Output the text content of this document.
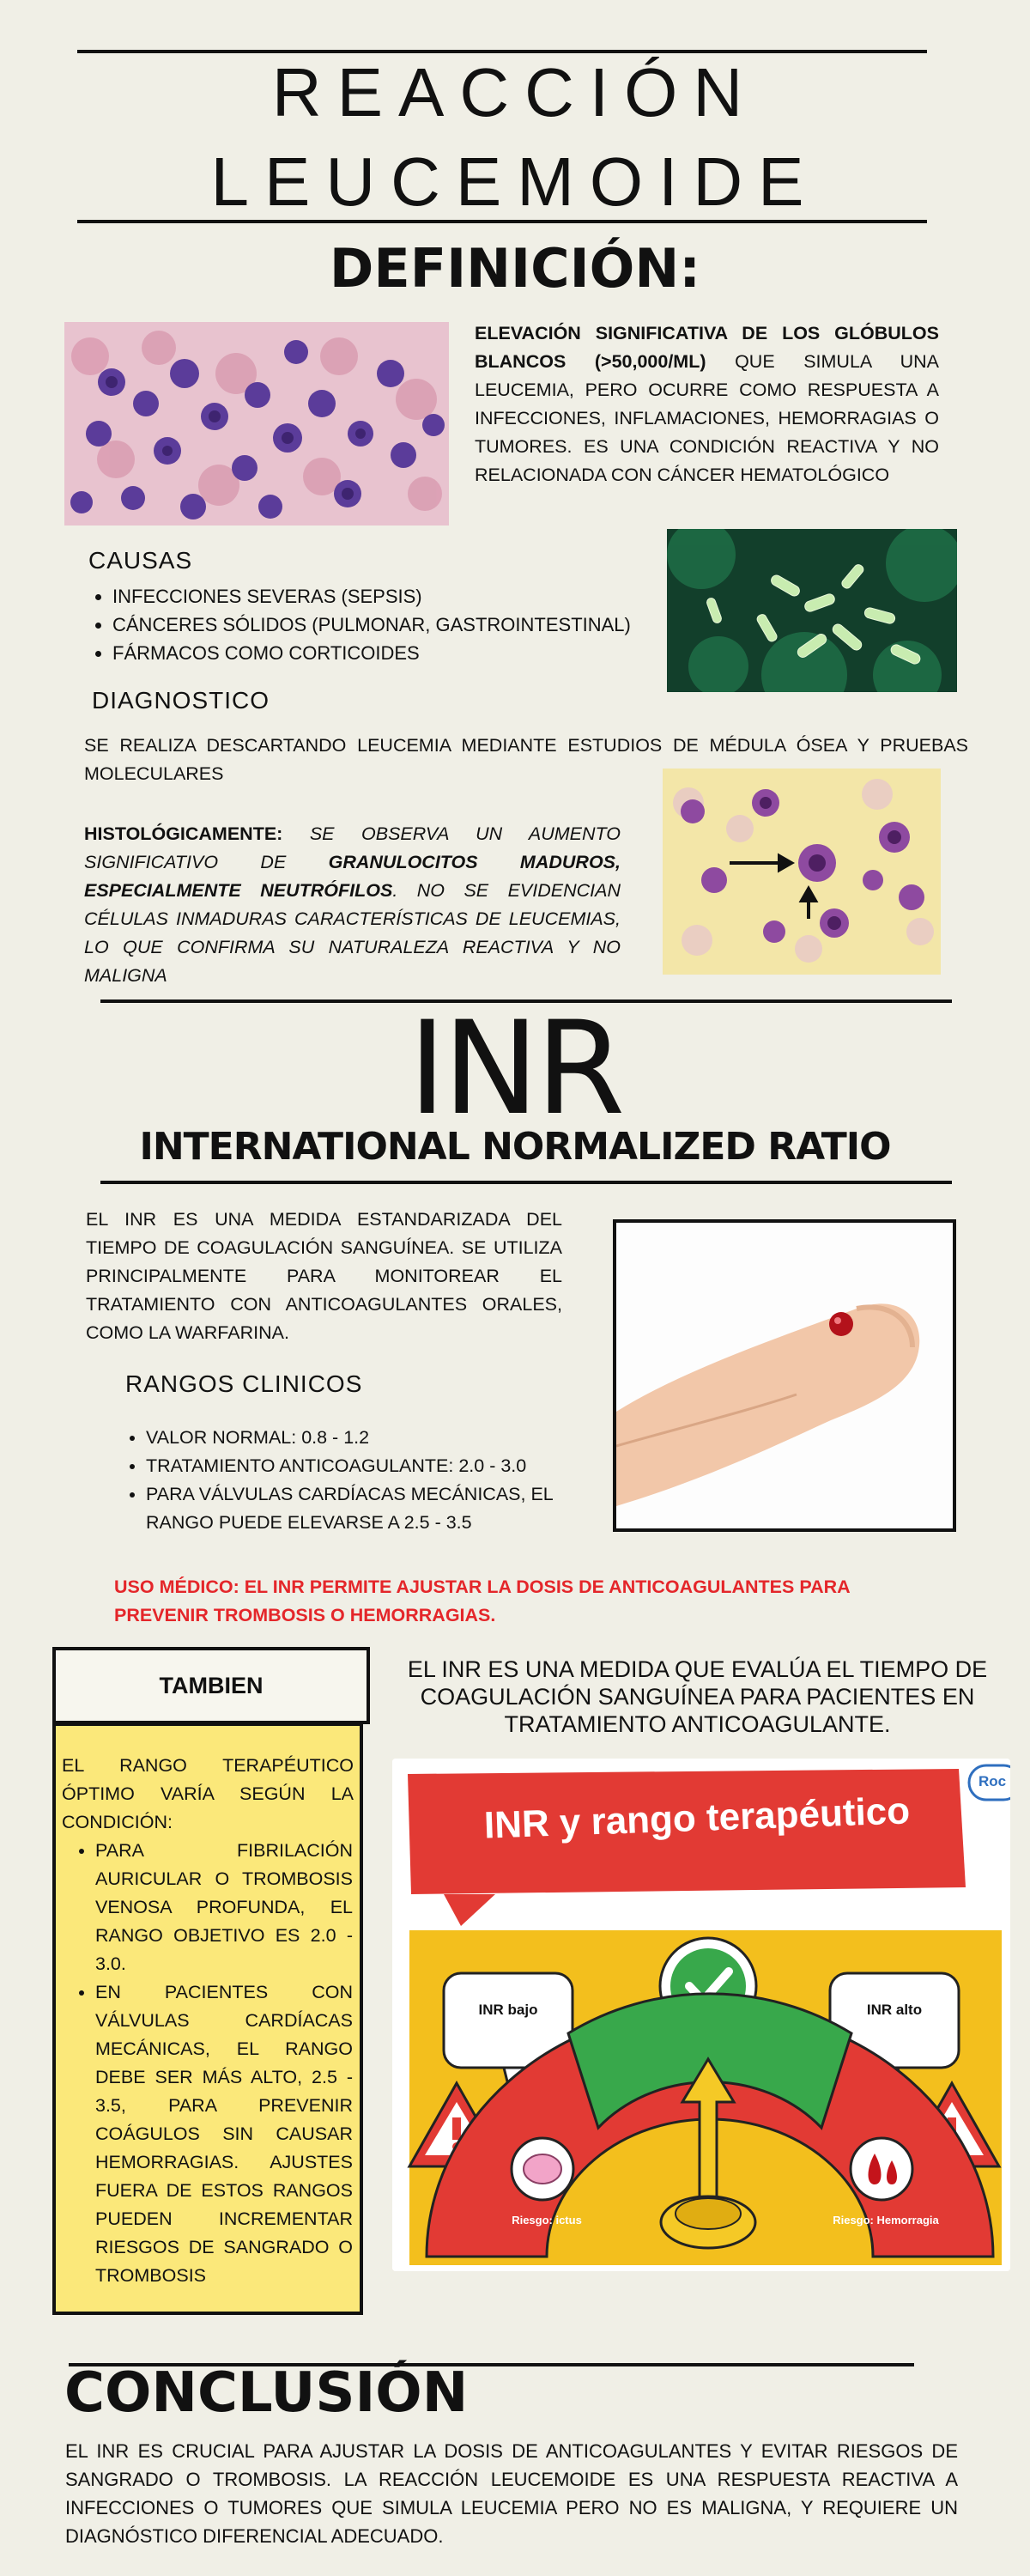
REACCIÓN
LEUCEMOIDE
DEFINICIÓN:
ELEVACIÓN SIGNIFICATIVA DE LOS GLÓBULOS BLANCOS (>50,000/ML) QUE SIMULA UNA LEUCEMIA, PERO OCURRE COMO RESPUESTA A INFECCIONES, INFLAMACIONES, HEMORRAGIAS O TUMORES. ES UNA CONDICIÓN REACTIVA Y NO RELACIONADA CON CÁNCER HEMATOLÓGICO
CAUSAS
• INFECCIONES SEVERAS (SEPSIS)
• CÁNCERES SÓLIDOS (PULMONAR, GASTROINTESTINAL)
• FÁRMACOS COMO CORTICOIDES
DIAGNOSTICO
SE REALIZA DESCARTANDO LEUCEMIA MEDIANTE ESTUDIOS DE MÉDULA ÓSEA Y PRUEBAS MOLECULARES
HISTOLÓGICAMENTE: SE OBSERVA UN AUMENTO SIGNIFICATIVO DE GRANULOCITOS MADUROS, ESPECIALMENTE NEUTRÓFILOS. NO SE EVIDENCIAN CÉLULAS INMADURAS CARACTERÍSTICAS DE LEUCEMIAS, LO QUE CONFIRMA SU NATURALEZA REACTIVA Y NO MALIGNA
INR
INTERNATIONAL NORMALIZED RATIO
EL INR ES UNA MEDIDA ESTANDARIZADA DEL TIEMPO DE COAGULACIÓN SANGUÍNEA. SE UTILIZA PRINCIPALMENTE PARA MONITOREAR EL TRATAMIENTO CON ANTICOAGULANTES ORALES, COMO LA WARFARINA.
RANGOS CLINICOS
• VALOR NORMAL: 0.8 - 1.2
• TRATAMIENTO ANTICOAGULANTE: 2.0 - 3.0
• PARA VÁLVULAS CARDÍACAS MECÁNICAS, EL RANGO PUEDE ELEVARSE A 2.5 - 3.5
USO MÉDICO: EL INR PERMITE AJUSTAR LA DOSIS DE ANTICOAGULANTES PARA PREVENIR TROMBOSIS O HEMORRAGIAS.
TAMBIEN
EL RANGO TERAPÉUTICO ÓPTIMO VARÍA SEGÚN LA CONDICIÓN:
• PARA FIBRILACIÓN AURICULAR O TROMBOSIS VENOSA PROFUNDA, EL RANGO OBJETIVO ES 2.0 - 3.0.
• EN PACIENTES CON VÁLVULAS CARDÍACAS MECÁNICAS, EL RANGO DEBE SER MÁS ALTO, 2.5 - 3.5, PARA PREVENIR COÁGULOS SIN CAUSAR HEMORRAGIAS. AJUSTES FUERA DE ESTOS RANGOS PUEDEN INCREMENTAR RIESGOS DE SANGRADO O TROMBOSIS
EL INR ES UNA MEDIDA QUE EVALÚA EL TIEMPO DE COAGULACIÓN SANGUÍNEA PARA PACIENTES EN TRATAMIENTO ANTICOAGULANTE.
INR y rango terapéutico
INR bajo	INR alto
Riesgo: ictus	Riesgo: Hemorragia
Roc
CONCLUSIÓN
EL INR ES CRUCIAL PARA AJUSTAR LA DOSIS DE ANTICOAGULANTES Y EVITAR RIESGOS DE SANGRADO O TROMBOSIS. LA REACCIÓN LEUCEMOIDE ES UNA RESPUESTA REACTIVA A INFECCIONES O TUMORES QUE SIMULA LEUCEMIA PERO NO ES MALIGNA, Y REQUIERE UN DIAGNÓSTICO DIFERENCIAL ADECUADO.
